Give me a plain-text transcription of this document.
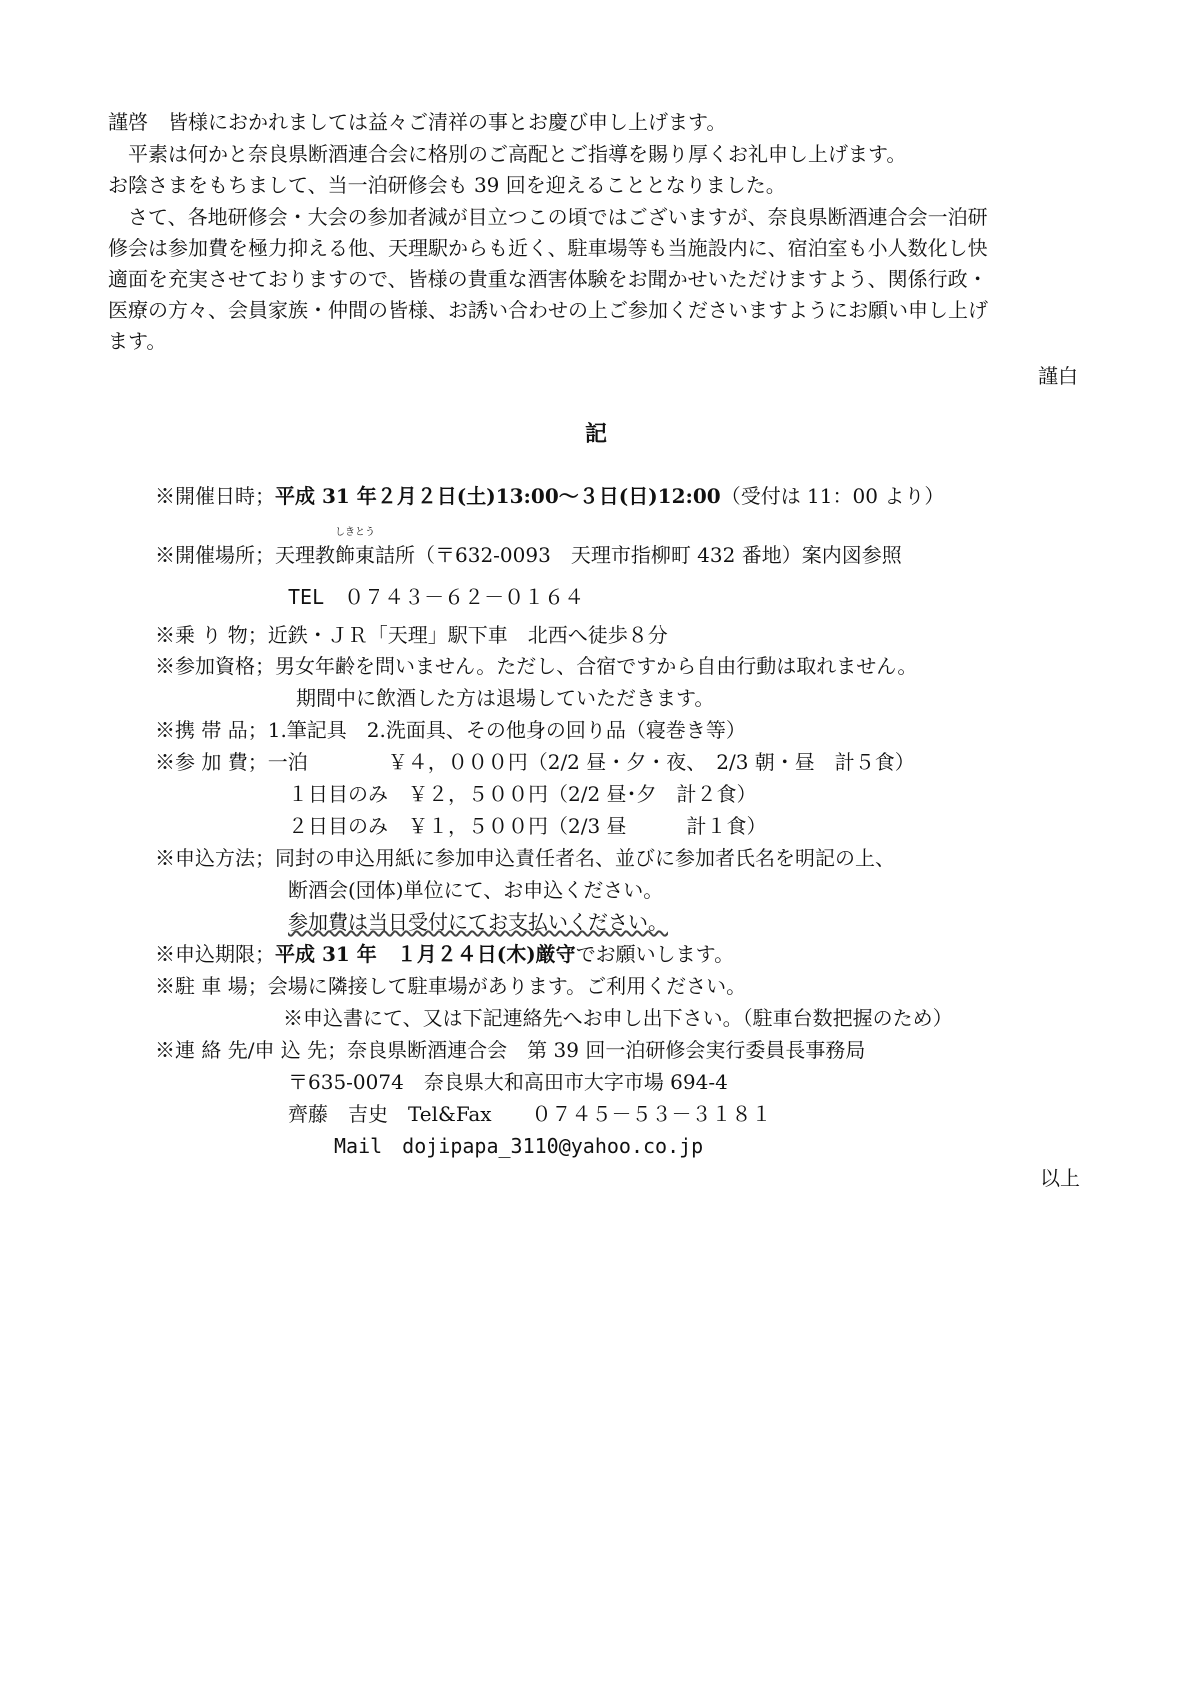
謹啓　皆様におかれましては益々ご清祥の事とお慶び申し上げます。
平素は何かと奈良県断酒連合会に格別のご高配とご指導を賜り厚くお礼申し上げます。
お陰さまをもちまして、当一泊研修会も 39 回を迎えることとなりました。
さて、各地研修会・大会の参加者減が目立つこの頃ではございますが、奈良県断酒連合会一泊研
修会は参加費を極力抑える他、天理駅からも近く、駐車場等も当施設内に、宿泊室も小人数化し快
適面を充実させておりますので、皆様の貴重な酒害体験をお聞かせいただけますよう、関係行政・
医療の方々、会員家族・仲間の皆様、お誘い合わせの上ご参加くださいますようにお願い申し上げ
ます。
謹白
記
※開催日時；平成 31 年２月２日(土)13:00〜３日(日)12:00（受付は 11：00 より）
※開催場所；天理教
しきとう
飾東詰所（〒632-0093　天理市指柳町 432 番地）案内図参照
TEL　０７４３－６２－０１６４
※乗 り 物；近鉄・ＪＲ「天理」駅下車　北西へ徒歩８分
※参加資格；男女年齢を問いません。ただし、合宿ですから自由行動は取れません。
期間中に飲酒した方は退場していただきます。
※携 帯 品；1.筆記具　2.洗面具、その他身の回り品（寝巻き等）
※参 加 費；一泊　　　　￥４，０００円（2/2 昼・夕・夜、　2/3 朝・昼　計５食）
１日目のみ　￥２，５００円（2/2 昼･夕　計２食）
２日目のみ　￥１，５００円（2/3 昼　　　計１食）
※申込方法；同封の申込用紙に参加申込責任者名、並びに参加者氏名を明記の上、
断酒会(団体)単位にて、お申込ください。
参加費は当日受付にてお支払いください。
※申込期限；平成 31 年　１月２４日(木)厳守でお願いします。
※駐 車 場；会場に隣接して駐車場があります。ご利用ください。
※申込書にて、又は下記連絡先へお申し出下さい。（駐車台数把握のため）
※連 絡 先/申 込 先；奈良県断酒連合会　第 39 回一泊研修会実行委員長事務局
〒635-0074　奈良県大和高田市大字市場 694-4
齊藤　吉史　Tel&Fax　　０７４５－５３－３１８１
Mail　dojipapa_3110@yahoo.co.jp
以上
